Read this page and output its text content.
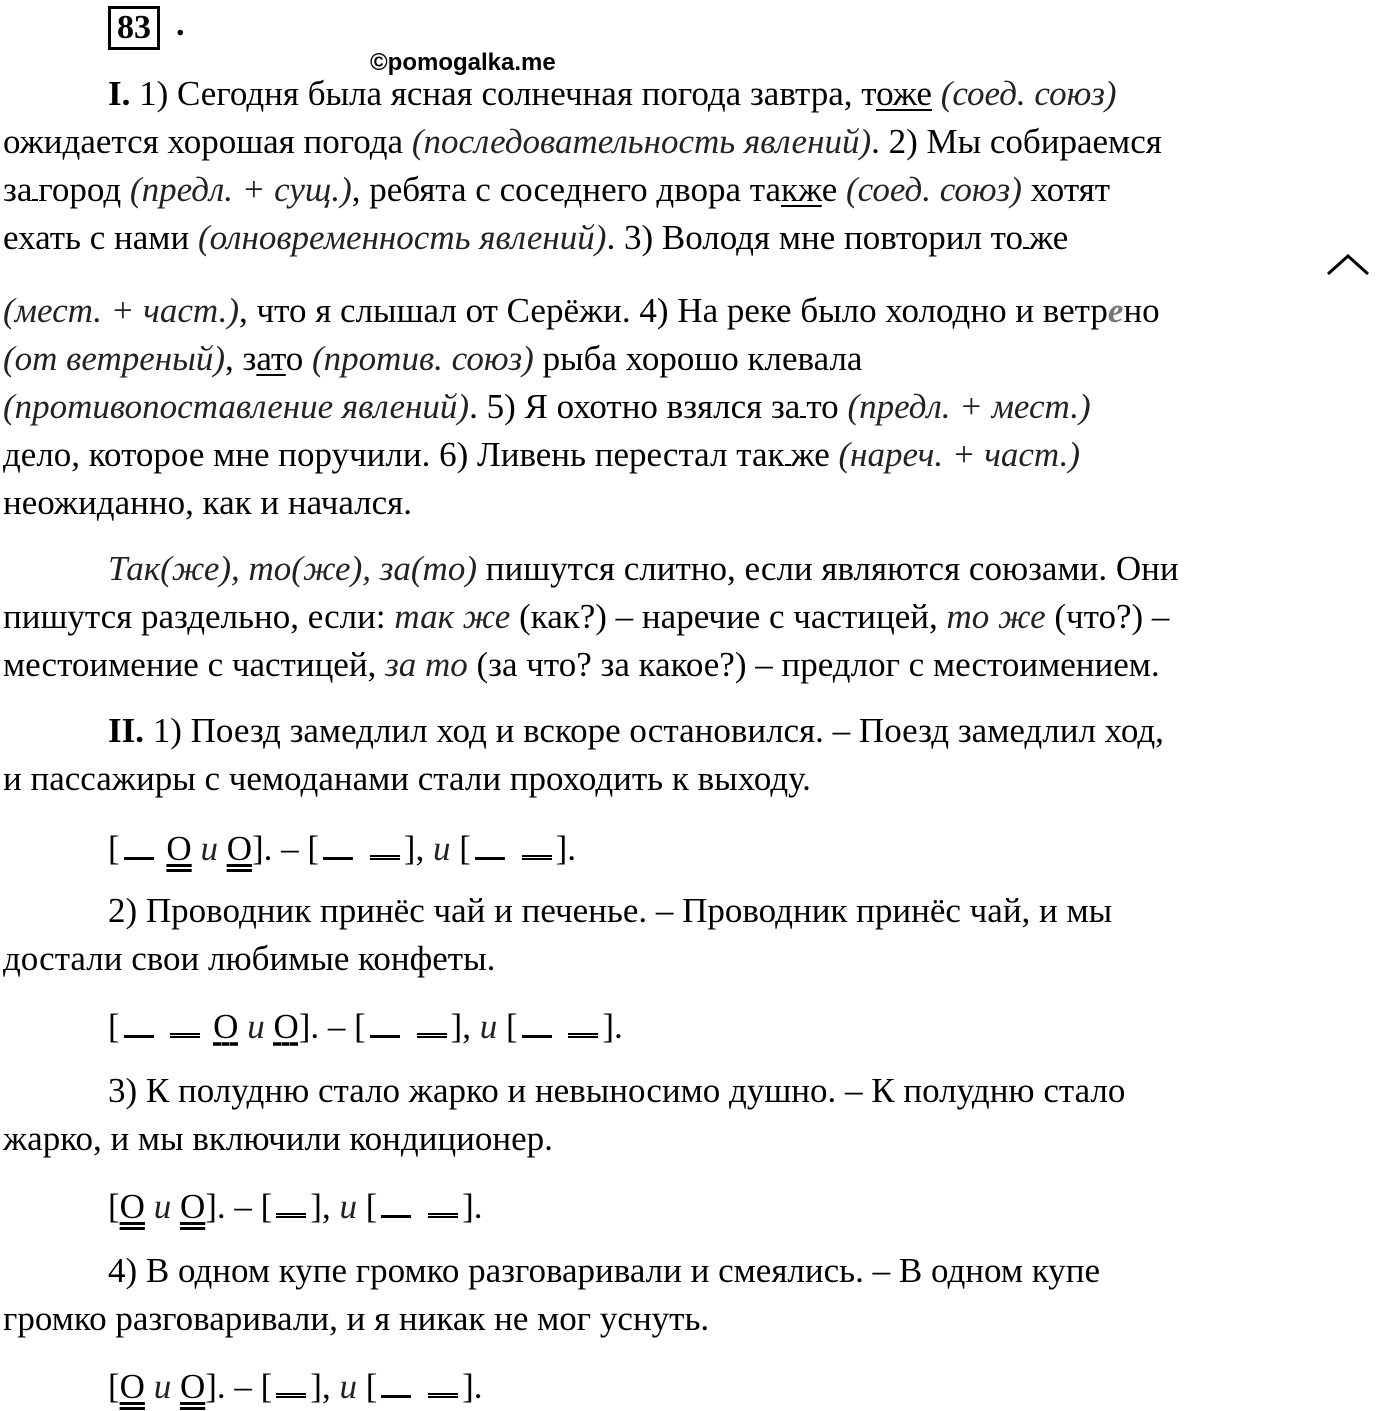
83 .
©pomogalka.me
I. 1) Сегодня была ясная солнечная погода завтра, тоже (соед. союз)
ожидается хорошая погода (последовательность явлений). 2) Мы собираемся
за город (предл. + сущ.), ребята с соседнего двора также (соед. союз) хотят
ехать с нами (олновременность явлений). 3) Володя мне повторил то же
(мест. + част.), что я слышал от Серёжи. 4) На реке было холодно и ветрено
(от ветреный), зато (против. союз) рыба хорошо клевала
(противопоставление явлений). 5) Я охотно взялся за то (предл. + мест.)
дело, которое мне поручили. 6) Ливень перестал так же (нареч. + част.)
неожиданно, как и начался.
Так(же), то(же), за(то) пишутся слитно, если являются союзами. Они
пишутся раздельно, если: так же (как?) – наречие с частицей, то же (что?) –
местоимение с частицей, за то (за что? за какое?) – предлог с местоимением.
II. 1) Поезд замедлил ход и вскоре остановился. – Поезд замедлил ход,
и пассажиры с чемоданами стали проходить к выходу.
[ О и О]. – [ ], и [ ].
2) Проводник принёс чай и печенье. – Проводник принёс чай, и мы
достали свои любимые конфеты.
[	О и О]. – [ ], и [ ].
3) К полудню стало жарко и невыносимо душно. – К полудню стало
жарко, и мы включили кондиционер.
[О и О]. – [ ], и [ ].
4) В одном купе громко разговаривали и смеялись. – В одном купе
громко разговаривали, и я никак не мог уснуть.
[О и О]. – [ ], и [ ].
